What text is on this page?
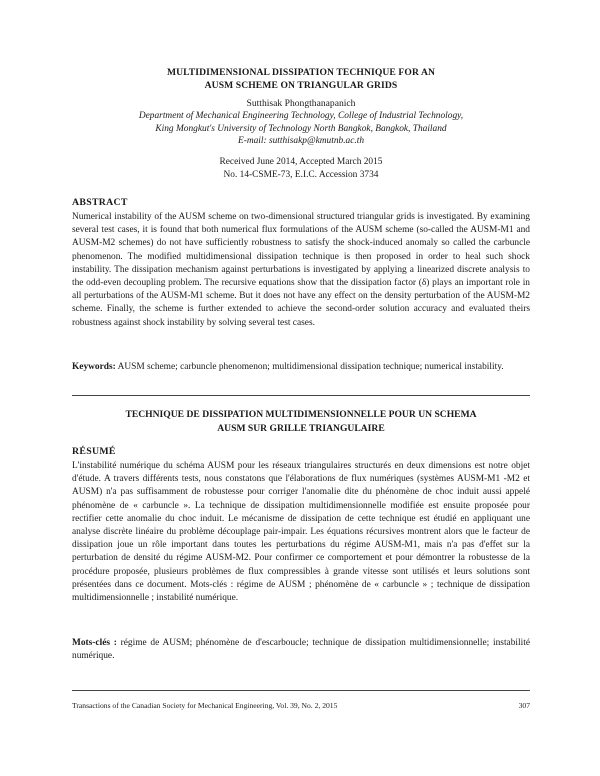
MULTIDIMENSIONAL DISSIPATION TECHNIQUE FOR AN
AUSM SCHEME ON TRIANGULAR GRIDS
Sutthisak Phongthanapanich
Department of Mechanical Engineering Technology, College of Industrial Technology,
King Mongkut's University of Technology North Bangkok, Bangkok, Thailand
E-mail: sutthisakp@kmutnb.ac.th
Received June 2014, Accepted March 2015
No. 14-CSME-73, E.I.C. Accession 3734
ABSTRACT
Numerical instability of the AUSM scheme on two-dimensional structured triangular grids is investigated. By examining several test cases, it is found that both numerical flux formulations of the AUSM scheme (so-called the AUSM-M1 and AUSM-M2 schemes) do not have sufficiently robustness to satisfy the shock-induced anomaly so called the carbuncle phenomenon. The modified multidimensional dissipation technique is then proposed in order to heal such shock instability. The dissipation mechanism against perturbations is investigated by applying a linearized discrete analysis to the odd-even decoupling problem. The recursive equations show that the dissipation factor (δ) plays an important role in all perturbations of the AUSM-M1 scheme. But it does not have any effect on the density perturbation of the AUSM-M2 scheme. Finally, the scheme is further extended to achieve the second-order solution accuracy and evaluated theirs robustness against shock instability by solving several test cases.
Keywords: AUSM scheme; carbuncle phenomenon; multidimensional dissipation technique; numerical instability.
TECHNIQUE DE DISSIPATION MULTIDIMENSIONNELLE POUR UN SCHEMA
AUSM SUR GRILLE TRIANGULAIRE
RÉSUMÉ
L'instabilité numérique du schéma AUSM pour les réseaux triangulaires structurés en deux dimensions est notre objet d'étude. A travers différents tests, nous constatons que l'élaborations de flux numériques (systèmes AUSM-M1 -M2 et AUSM) n'a pas suffisamment de robustesse pour corriger l'anomalie dite du phénomène de choc induit aussi appelé phénomène de « carbuncle ». La technique de dissipation multidimensionnelle modifiée est ensuite proposée pour rectifier cette anomalie du choc induit. Le mécanisme de dissipation de cette technique est étudié en appliquant une analyse discrète linéaire du problème découplage pair-impair. Les équations récursives montrent alors que le facteur de dissipation joue un rôle important dans toutes les perturbations du régime AUSM-M1, mais n'a pas d'effet sur la perturbation de densité du régime AUSM-M2. Pour confirmer ce comportement et pour démontrer la robustesse de la procédure proposée, plusieurs problèmes de flux compressibles à grande vitesse sont utilisés et leurs solutions sont présentées dans ce document. Mots-clés : régime de AUSM ; phénomène de « carbuncle » ; technique de dissipation multidimensionnelle ; instabilité numérique.
Mots-clés : régime de AUSM; phénomène de d'escarboucle; technique de dissipation multidimensionnelle; instabilité numérique.
Transactions of the Canadian Society for Mechanical Engineering, Vol. 39, No. 2, 2015	307
